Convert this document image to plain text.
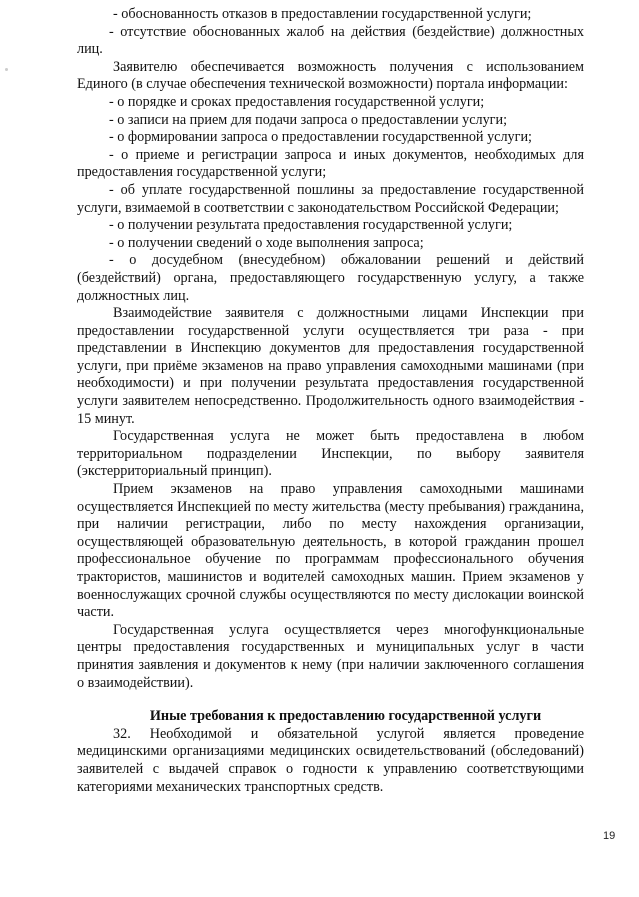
- обоснованность отказов в предоставлении государственной услуги;

- отсутствие обоснованных жалоб на действия (бездействие) должностных лиц.

Заявителю обеспечивается возможность получения с использованием Единого (в случае обеспечения технической возможности) портала информации:

- о порядке и сроках предоставления государственной услуги;

- о записи на прием для подачи запроса о предоставлении услуги;

- о формировании запроса о предоставлении государственной услуги;

- о приеме и регистрации запроса и иных документов, необходимых для предоставления государственной услуги;

- об уплате государственной пошлины за предоставление государственной услуги, взимаемой в соответствии с законодательством Российской Федерации;

- о получении результата предоставления государственной услуги;

- о получении сведений о ходе выполнения запроса;

- о досудебном (внесудебном) обжаловании решений и действий (бездействий) органа, предоставляющего государственную услугу, а также должностных лиц.

Взаимодействие заявителя с должностными лицами Инспекции при предоставлении государственной услуги осуществляется три раза - при представлении в Инспекцию документов для предоставления государственной услуги, при приёме экзаменов на право управления самоходными машинами (при необходимости) и при получении результата предоставления государственной услуги заявителем непосредственно. Продолжительность одного взаимодействия - 15 минут.

Государственная услуга не может быть предоставлена в любом территориальном подразделении Инспекции, по выбору заявителя (экстерриториальный принцип).

Прием экзаменов на право управления самоходными машинами осуществляется Инспекцией по месту жительства (месту пребывания) гражданина, при наличии регистрации, либо по месту нахождения организации, осуществляющей образовательную деятельность, в которой гражданин прошел профессиональное обучение по программам профессионального обучения трактористов, машинистов и водителей самоходных машин. Прием экзаменов у военнослужащих срочной службы осуществляются по месту дислокации воинской части.

Государственная услуга осуществляется через многофункциональные центры предоставления государственных и муниципальных услуг в части принятия заявления и документов к нему (при наличии заключенного соглашения о взаимодействии).

Иные требования к предоставлению государственной услуги

32. Необходимой и обязательной услугой является проведение медицинскими организациями медицинских освидетельствований (обследований) заявителей с выдачей справок о годности к управлению соответствующими категориями механических транспортных средств.

19
